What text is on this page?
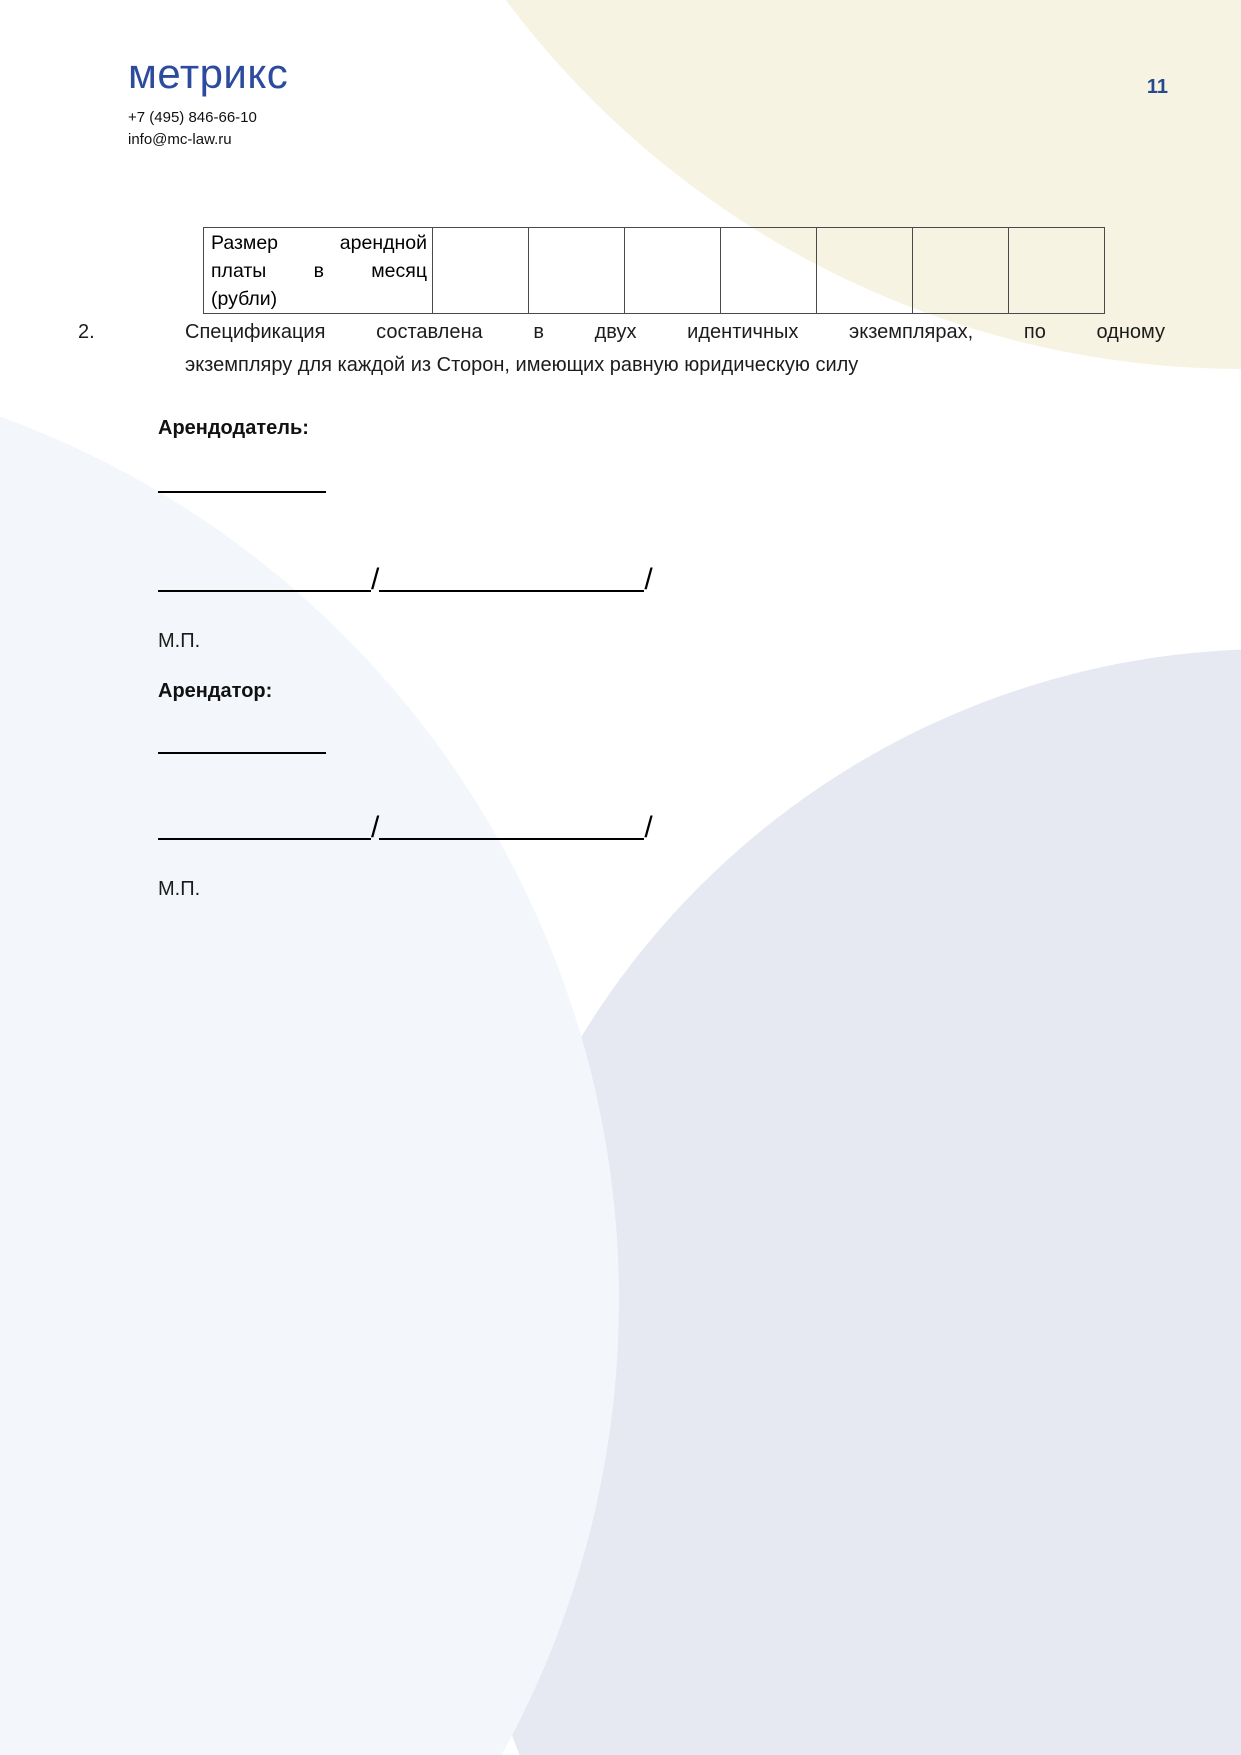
метрикс
+7 (495) 846-66-10
info@mc-law.ru
11
Размер арендной
платы в месяц
(рубли)
2.	Спецификация составлена в двух идентичных экземплярах, по одному
экземпляру для каждой из Сторон, имеющих равную юридическую силу
Арендодатель:
/	/
М.П.
Арендатор:
/	/
М.П.
